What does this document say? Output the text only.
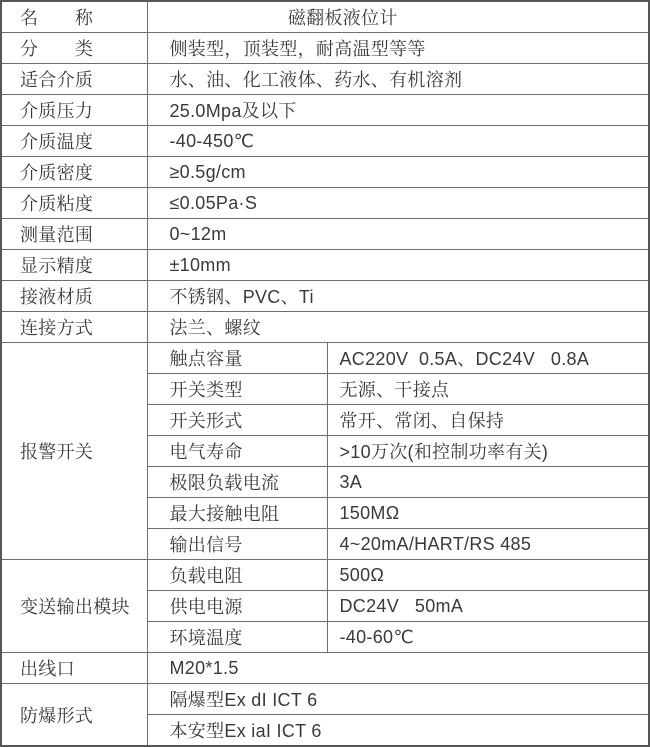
名　　称	磁翻板液位计	
分　　类	侧装型，顶装型，耐高温型等等	
适合介质	水、油、化工液体、药水、有机溶剂	
介质压力	25.0Mpa及以下	
介质温度	-40-450℃	
介质密度	≥0.5g/cm	
介质粘度	≤0.05Pa·S	
测量范围	0~12m	
显示精度	±10mm	
接液材质	不锈钢、PVC、Ti	
连接方式	法兰、螺纹	
报警开关	触点容量	AC220V  0.5A、DC24V   0.8A
	开关类型	无源、干接点
	开关形式	常开、常闭、自保持
	电气寿命	>10万次(和控制功率有关)
	极限负载电流	3A
	最大接触电阻	150MΩ
	输出信号	4~20mA/HART/RS 485
变送输出模块	负载电阻	500Ω
	供电电源	DC24V   50mA
	环境温度	-40-60℃
出线口	M20*1.5	
防爆形式	隔爆型Ex dI ICT 6	
	本安型Ex iaI ICT 6	
